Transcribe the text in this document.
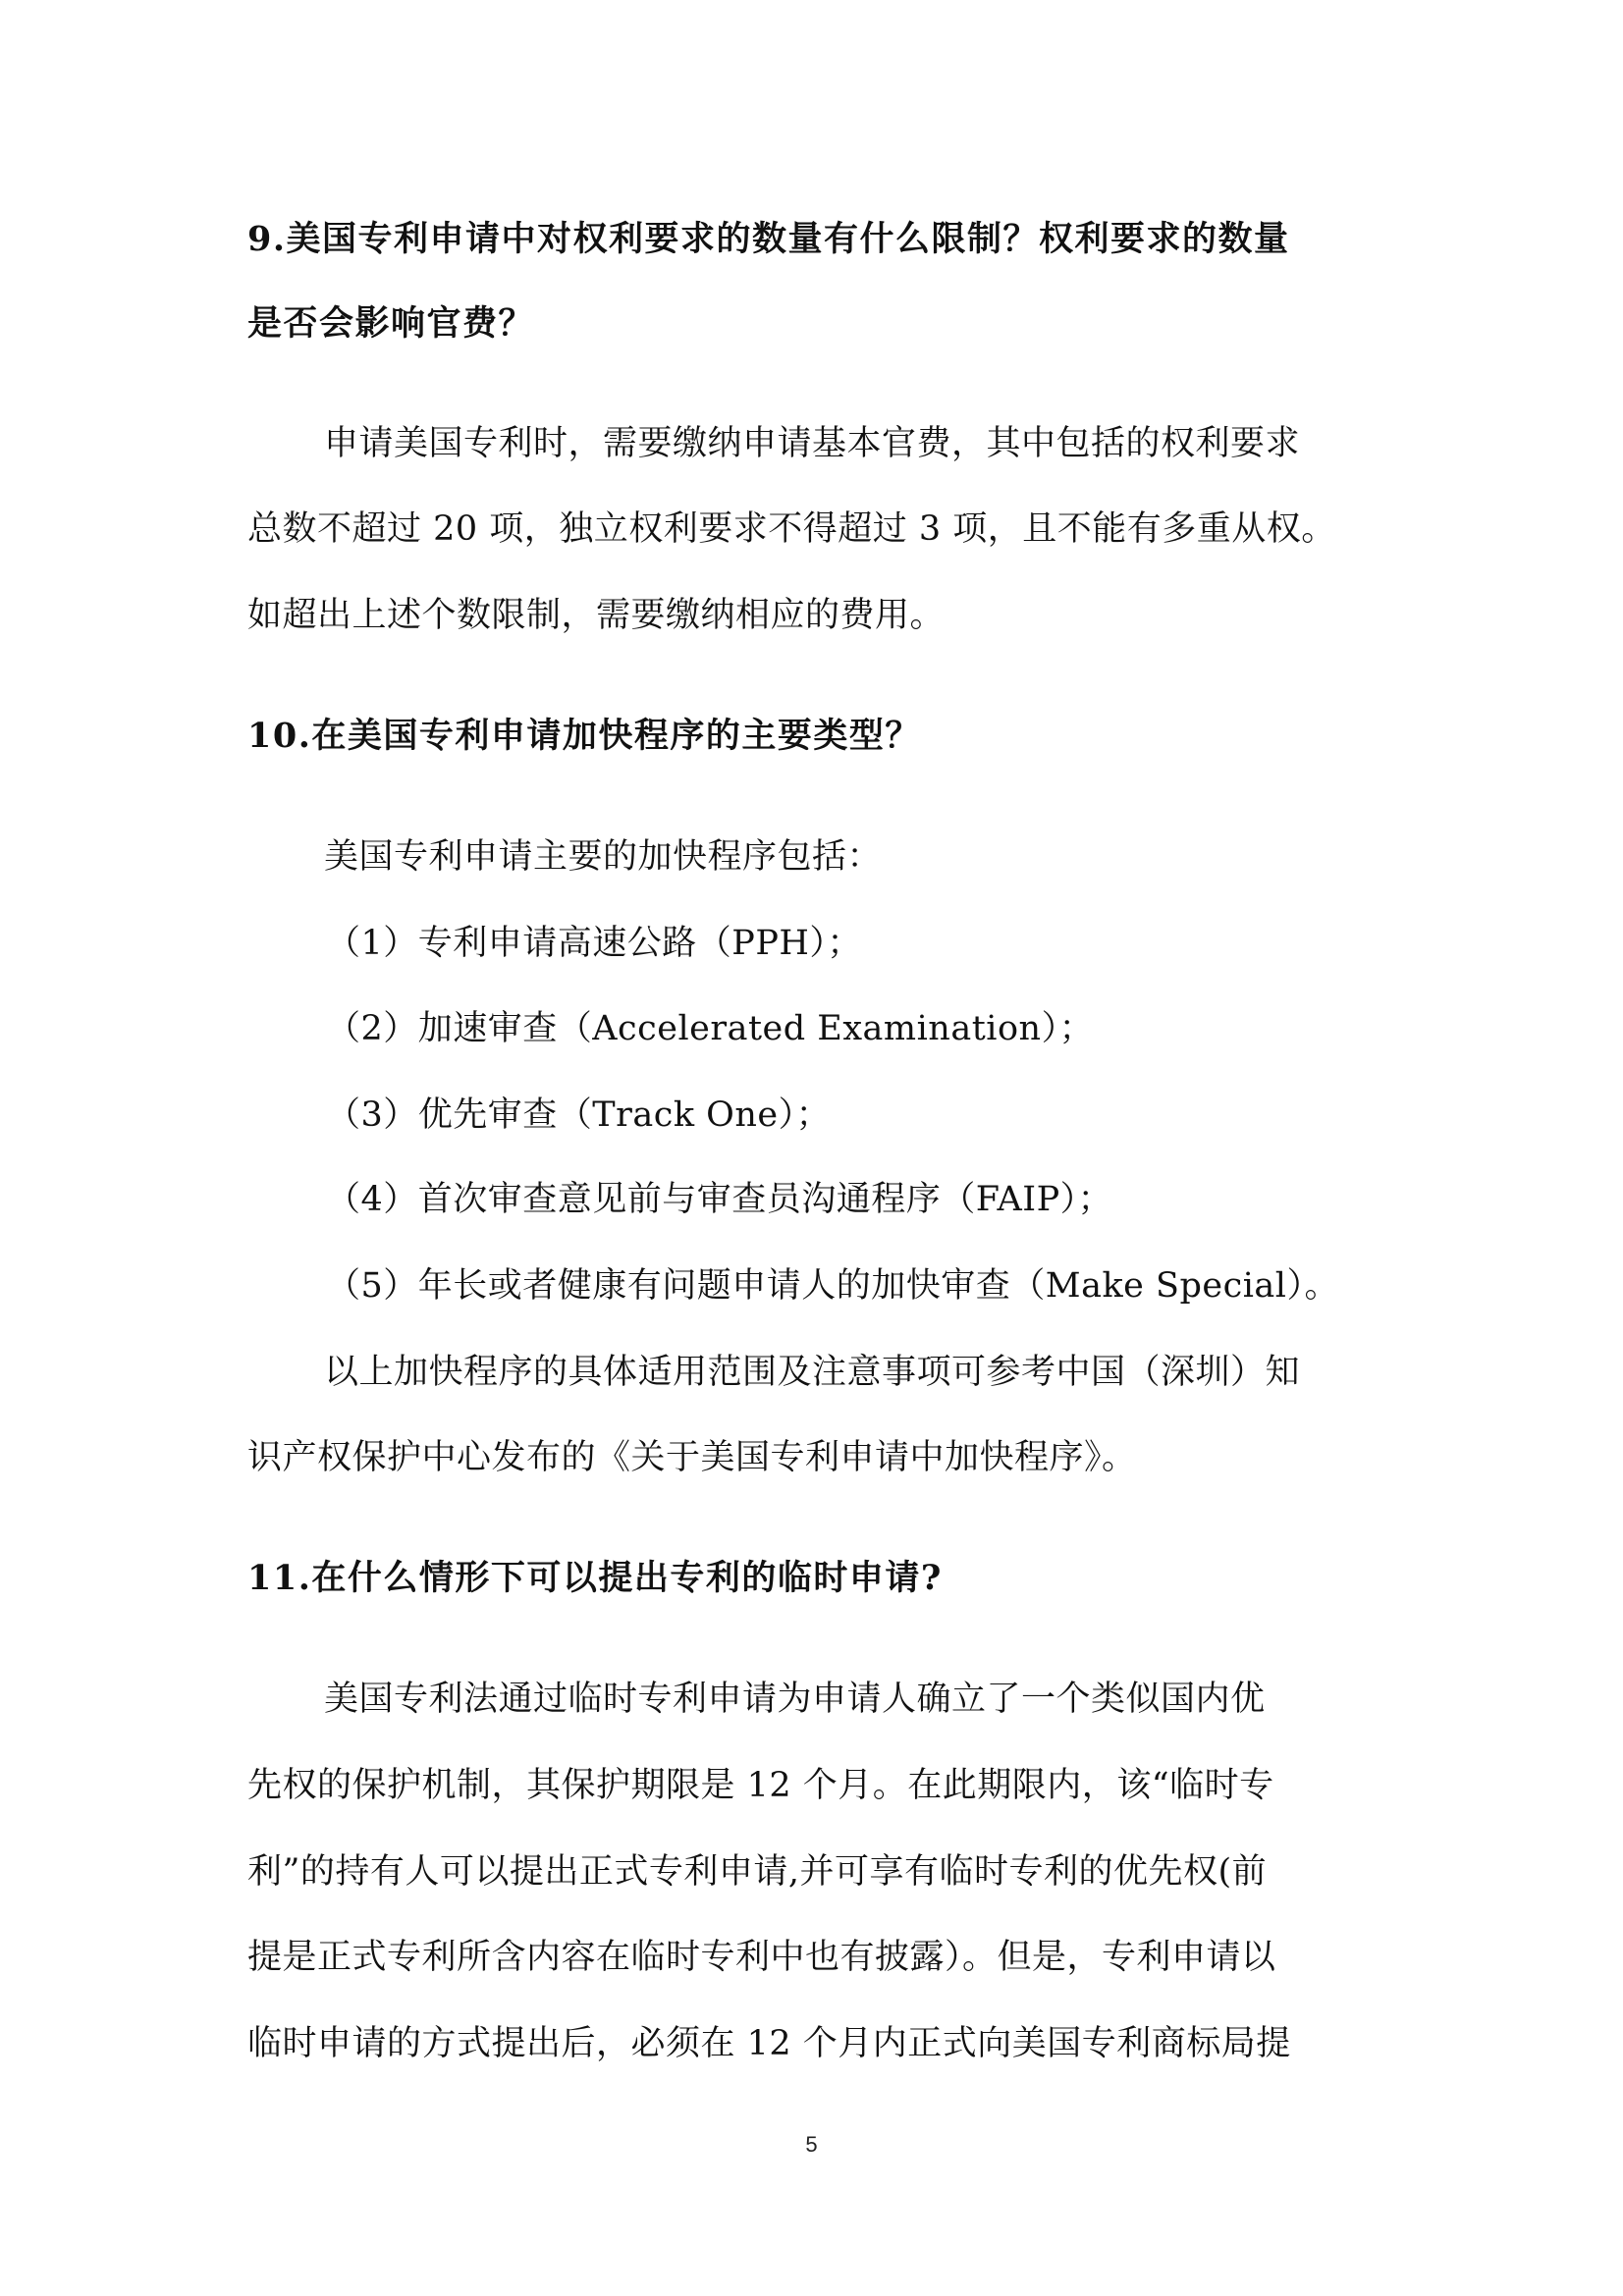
9.美国专利申请中对权利要求的数量有什么限制？权利要求的数量
是否会影响官费？
申请美国专利时，需要缴纳申请基本官费，其中包括的权利要求
总数不超过 20 项，独立权利要求不得超过 3 项，且不能有多重从权。
如超出上述个数限制，需要缴纳相应的费用。
10.在美国专利申请加快程序的主要类型？
美国专利申请主要的加快程序包括：
（1）专利申请高速公路（PPH）；
（2）加速审查（Accelerated Examination）；
（3）优先审查（Track One）；
（4）首次审查意见前与审查员沟通程序（FAIP）；
（5）年长或者健康有问题申请人的加快审查（Make Special）。
以上加快程序的具体适用范围及注意事项可参考中国（深圳）知
识产权保护中心发布的《关于美国专利申请中加快程序》。
11.在什么情形下可以提出专利的临时申请?
美国专利法通过临时专利申请为申请人确立了一个类似国内优
先权的保护机制，其保护期限是 12 个月。在此期限内，该“临时专
利”的持有人可以提出正式专利申请,并可享有临时专利的优先权(前
提是正式专利所含内容在临时专利中也有披露）。但是，专利申请以
临时申请的方式提出后，必须在 12 个月内正式向美国专利商标局提
5
